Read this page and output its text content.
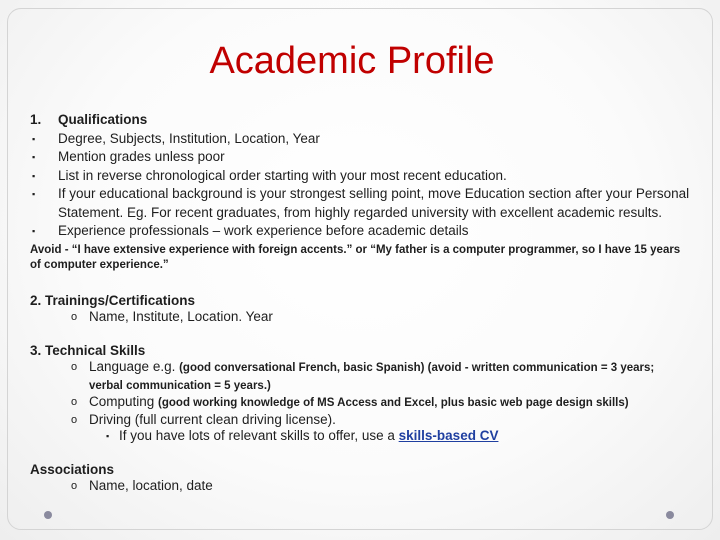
Academic Profile
1. Qualifications
▪ Degree, Subjects, Institution, Location, Year
▪ Mention grades unless poor
▪ List in reverse chronological order starting with your most recent education.
▪ If your educational background is your strongest selling point, move Education section after your Personal Statement. Eg. For recent graduates, from highly regarded university with excellent academic results.
▪ Experience professionals – work experience before academic details
Avoid - “I have extensive experience with foreign accents.” or “My father is a computer programmer, so I have 15 years of computer experience.”
2. Trainings/Certifications
o Name, Institute, Location. Year
3. Technical Skills
o Language e.g. (good conversational French, basic Spanish) (avoid - written communication = 3 years; verbal communication = 5 years.)
o Computing (good working knowledge of MS Access and Excel, plus basic web page design skills)
o Driving (full current clean driving license).
▪ If you have lots of relevant skills to offer, use a skills-based CV
Associations
o Name, location, date
